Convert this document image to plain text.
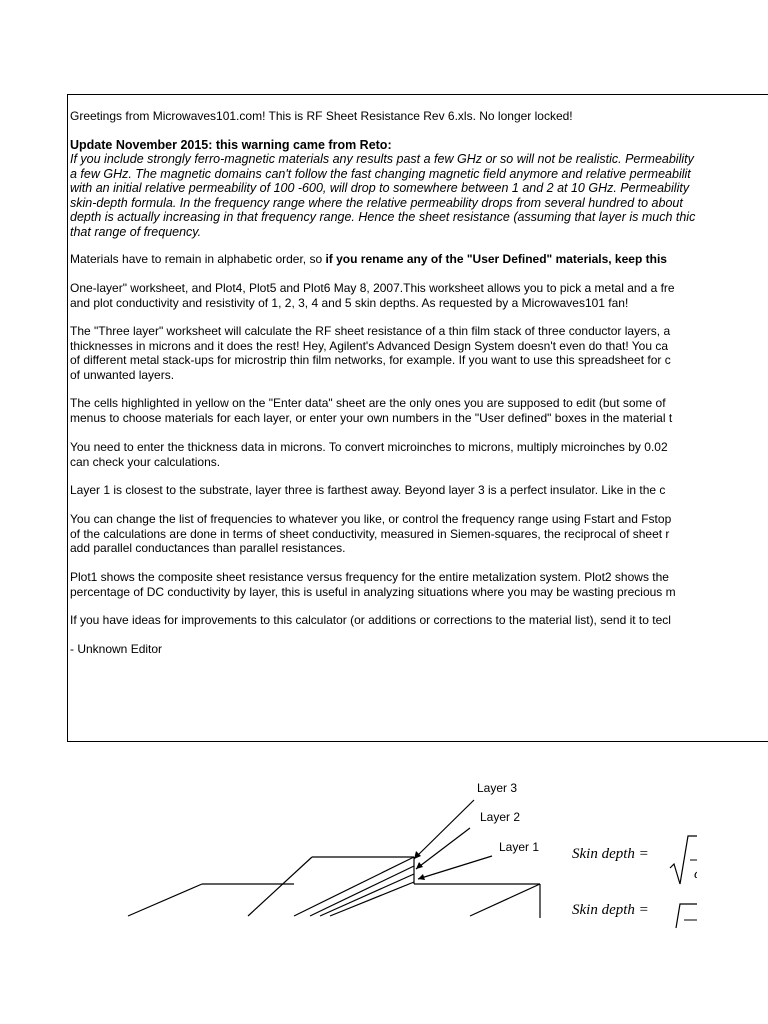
Greetings from Microwaves101.com! This is RF Sheet Resistance Rev 6.xls. No longer locked!
Update November 2015: this warning came from Reto:
If you include strongly ferro-magnetic materials any results past a few GHz or so will not be realistic. Permeability
a few GHz. The magnetic domains can't follow the fast changing magnetic field anymore and relative permeabilit
with an initial relative permeability of 100 -600, will drop to somewhere between 1 and 2 at 10 GHz. Permeability
skin-depth formula. In the frequency range where the relative permeability drops from several hundred to about
depth is actually increasing in that frequency range. Hence the sheet resistance (assuming that layer is much thic
that range of frequency.
Materials have to remain in alphabetic order, so if you rename any of the "User Defined" materials, keep this
One-layer" worksheet, and Plot4, Plot5 and Plot6 May 8, 2007.This worksheet allows you to pick a metal and a fre
and plot conductivity and resistivity of 1, 2, 3, 4 and 5 skin depths. As requested by a Microwaves101 fan!
The "Three layer" worksheet will calculate the RF sheet resistance of a thin film stack of three conductor layers, a
thicknesses in microns and it does the rest! Hey, Agilent's Advanced Design System doesn't even do that! You ca
of different metal stack-ups for microstrip thin film networks, for example. If you want to use this spreadsheet for c
of unwanted layers.
The cells highlighted in yellow on the "Enter data" sheet are the only ones you are supposed to edit (but some of
menus to choose materials for each layer, or enter your own numbers in the "User defined" boxes in the material t
You need to enter the thickness data in microns. To convert microinches to microns, multiply microinches by 0.02
can check your calculations.
Layer 1 is closest to the substrate, layer three is farthest away. Beyond layer 3 is a perfect insulator. Like in the c
You can change the list of frequencies to whatever you like, or control the frequency range using Fstart and Fstop
of the calculations are done in terms of sheet conductivity, measured in Siemen-squares, the reciprocal of sheet r
add parallel conductances than parallel resistances.
Plot1 shows the composite sheet resistance versus frequency for the entire metalization system. Plot2 shows the
percentage of DC conductivity by layer, this is useful in analyzing situations where you may be wasting precious m
If you have ideas for improvements to this calculator (or additions or corrections to the material list), send it to tecl
- Unknown Editor
Layer 3
Layer 2
Layer 1 Skin depth =
ω
Skin depth =
